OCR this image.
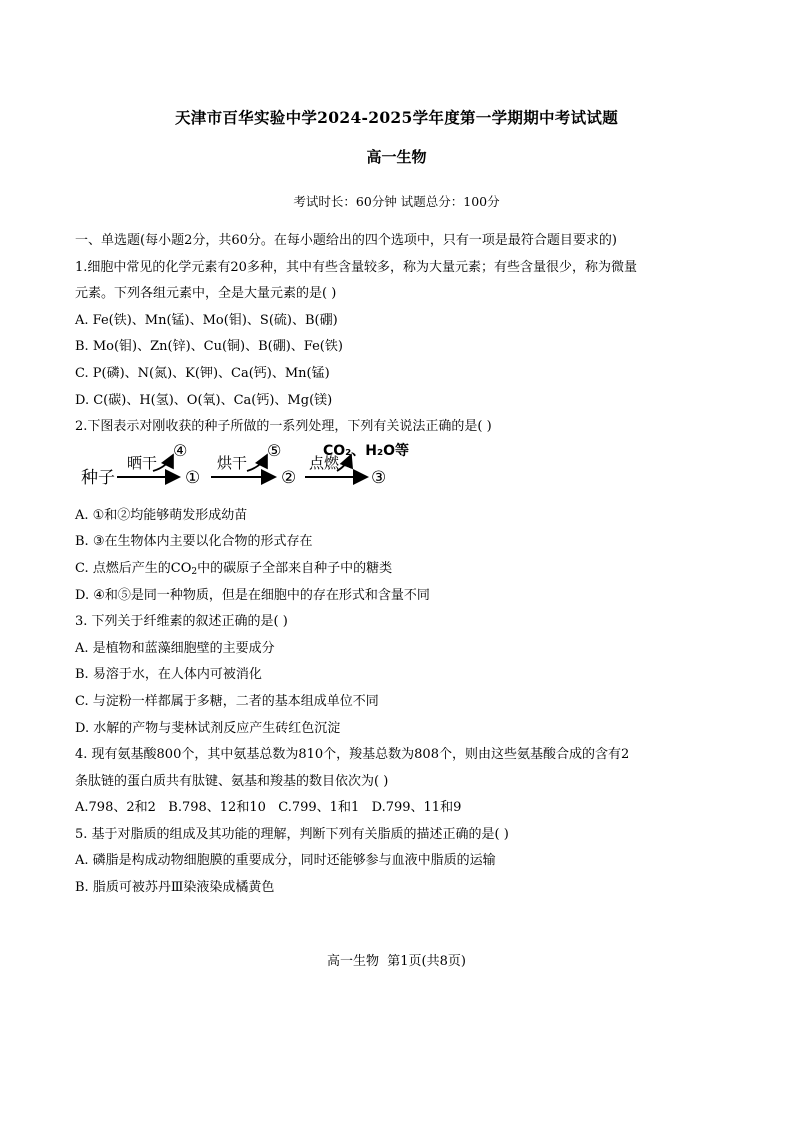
天津市百华实验中学2024-2025学年度第一学期期中考试试题
高一生物
考试时长：60分钟 试题总分：100分
一、单选题(每小题2分，共60分。在每小题给出的四个选项中，只有一项是最符合题目要求的)
1.细胞中常见的化学元素有20多种，其中有些含量较多，称为大量元素；有些含量很少，称为微量
元素。下列各组元素中，全是大量元素的是( )
A. Fe(铁)、Mn(锰)、Mo(钼)、S(硫)、B(硼)
B. Mo(钼)、Zn(锌)、Cu(铜)、B(硼)、Fe(铁)
C. P(磷)、N(氮)、K(钾)、Ca(钙)、Mn(锰)
D. C(碳)、H(氢)、O(氧)、Ca(钙)、Mg(镁)
2.下图表示对刚收获的种子所做的一系列处理，下列有关说法正确的是( )
种子
晒干
④
①
烘干
⑤
②
点燃
CO₂、H₂O等
③
A. ①和②均能够萌发形成幼苗
B. ③在生物体内主要以化合物的形式存在
C. 点燃后产生的$CO_2$中的碳原子全部来自种子中的糖类
D. ④和⑤是同一种物质，但是在细胞中的存在形式和含量不同
3. 下列关于纤维素的叙述正确的是( )
A. 是植物和蓝藻细胞壁的主要成分
B. 易溶于水，在人体内可被消化
C. 与淀粉一样都属于多糖，二者的基本组成单位不同
D. 水解的产物与斐林试剂反应产生砖红色沉淀
4. 现有氨基酸800个，其中氨基总数为810个，羧基总数为808个，则由这些氨基酸合成的含有2
条肽链的蛋白质共有肽键、氨基和羧基的数目依次为( )
A.798、2和2   B.798、12和10   C.799、1和1   D.799、11和9
5. 基于对脂质的组成及其功能的理解，判断下列有关脂质的描述正确的是( )
A. 磷脂是构成动物细胞膜的重要成分，同时还能够参与血液中脂质的运输
B. 脂质可被苏丹Ⅲ染液染成橘黄色
高一生物  第1页(共8页)
